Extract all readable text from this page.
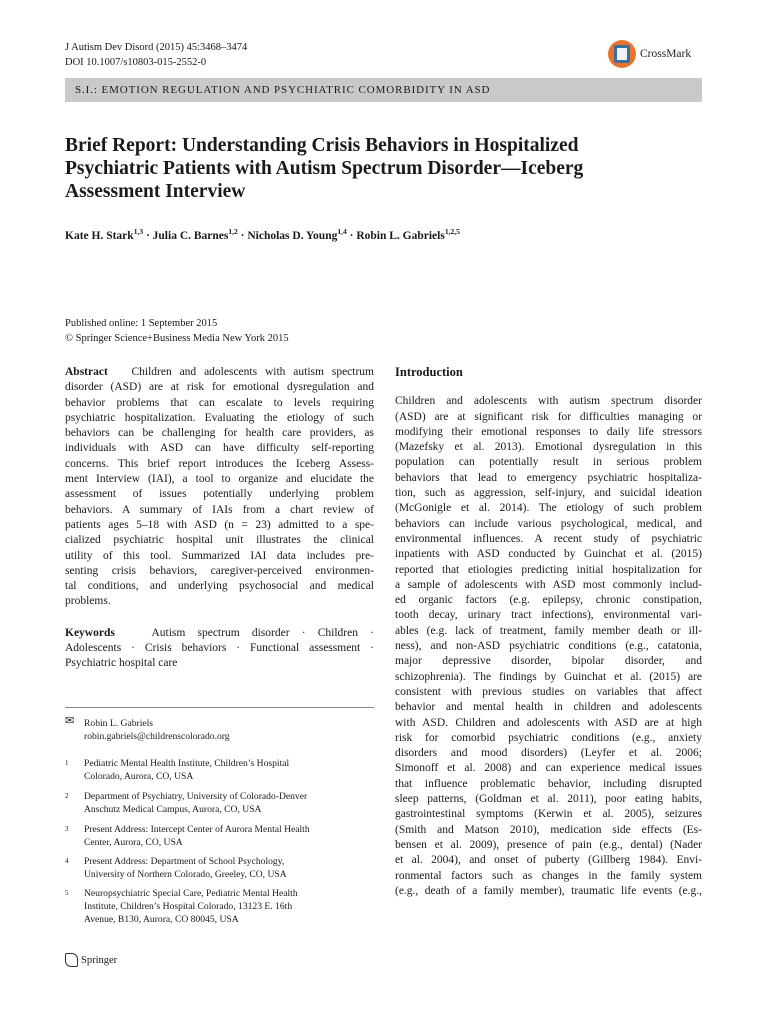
J Autism Dev Disord (2015) 45:3468–3474
DOI 10.1007/s10803-015-2552-0
CrossMark
S.I.: EMOTION REGULATION AND PSYCHIATRIC COMORBIDITY IN ASD
Brief Report: Understanding Crisis Behaviors in Hospitalized
Psychiatric Patients with Autism Spectrum Disorder—Iceberg
Assessment Interview
Kate H. Stark$^{1,3}$ · Julia C. Barnes$^{1,2}$ · Nicholas D. Young$^{1,4}$ · Robin L. Gabriels$^{1,2,5}$
Published online: 1 September 2015
© Springer Science+Business Media New York 2015
Abstract Children and adolescents with autism spectrum
disorder (ASD) are at risk for emotional dysregulation and
behavior problems that can escalate to levels requiring
psychiatric hospitalization. Evaluating the etiology of such
behaviors can be challenging for health care providers, as
individuals with ASD can have difficulty self-reporting
concerns. This brief report introduces the Iceberg Assess-
ment Interview (IAI), a tool to organize and elucidate the
assessment of issues potentially underlying problem
behaviors. A summary of IAIs from a chart review of
patients ages 5–18 with ASD (n = 23) admitted to a spe-
cialized psychiatric hospital unit illustrates the clinical
utility of this tool. Summarized IAI data includes pre-
senting crisis behaviors, caregiver-perceived environmen-
tal conditions, and underlying psychosocial and medical
problems.
Keywords	Autism spectrum disorder · Children ·
Adolescents · Crisis behaviors · Functional assessment ·
Psychiatric hospital care
✉ Robin L. Gabriels
robin.gabriels@childrenscolorado.org
1 Pediatric Mental Health Institute, Children’s Hospital
Colorado, Aurora, CO, USA
2 Department of Psychiatry, University of Colorado-Denver
Anschutz Medical Campus, Aurora, CO, USA
3 Present Address: Intercept Center of Aurora Mental Health
Center, Aurora, CO, USA
4 Present Address: Department of School Psychology,
University of Northern Colorado, Greeley, CO, USA
5 Neuropsychiatric Special Care, Pediatric Mental Health
Institute, Children’s Hospital Colorado, 13123 E. 16th
Avenue, B130, Aurora, CO 80045, USA
Springer
Introduction
Children and adolescents with autism spectrum disorder
(ASD) are at significant risk for difficulties managing or
modifying their emotional responses to daily life stressors
(Mazefsky et al. 2013). Emotional dysregulation in this
population can potentially result in serious problem
behaviors that lead to emergency psychiatric hospitaliza-
tion, such as aggression, self-injury, and suicidal ideation
(McGonigle et al. 2014). The etiology of such problem
behaviors can include various psychological, medical, and
environmental influences. A recent study of psychiatric
inpatients with ASD conducted by Guinchat et al. (2015)
reported that etiologies predicting initial hospitalization for
a sample of adolescents with ASD most commonly includ-
ed organic factors (e.g. epilepsy, chronic constipation,
tooth decay, urinary tract infections), environmental vari-
ables (e.g. lack of treatment, family member death or ill-
ness), and non-ASD psychiatric conditions (e.g., catatonia,
major depressive disorder, bipolar disorder, and
schizophrenia). The findings by Guinchat et al. (2015) are
consistent with previous studies on variables that affect
behavior and mental health in children and adolescents
with ASD. Children and adolescents with ASD are at high
risk for comorbid psychiatric conditions (e.g., anxiety
disorders and mood disorders) (Leyfer et al. 2006;
Simonoff et al. 2008) and can experience medical issues
that influence problematic behavior, including disrupted
sleep patterns, (Goldman et al. 2011), poor eating habits,
gastrointestinal symptoms (Kerwin et al. 2005), seizures
(Smith and Matson 2010), medication side effects (Es-
bensen et al. 2009), presence of pain (e.g., dental) (Nader
et al. 2004), and onset of puberty (Gillberg 1984). Envi-
ronmental factors such as changes in the family system
(e.g., death of a family member), traumatic life events (e.g.,
